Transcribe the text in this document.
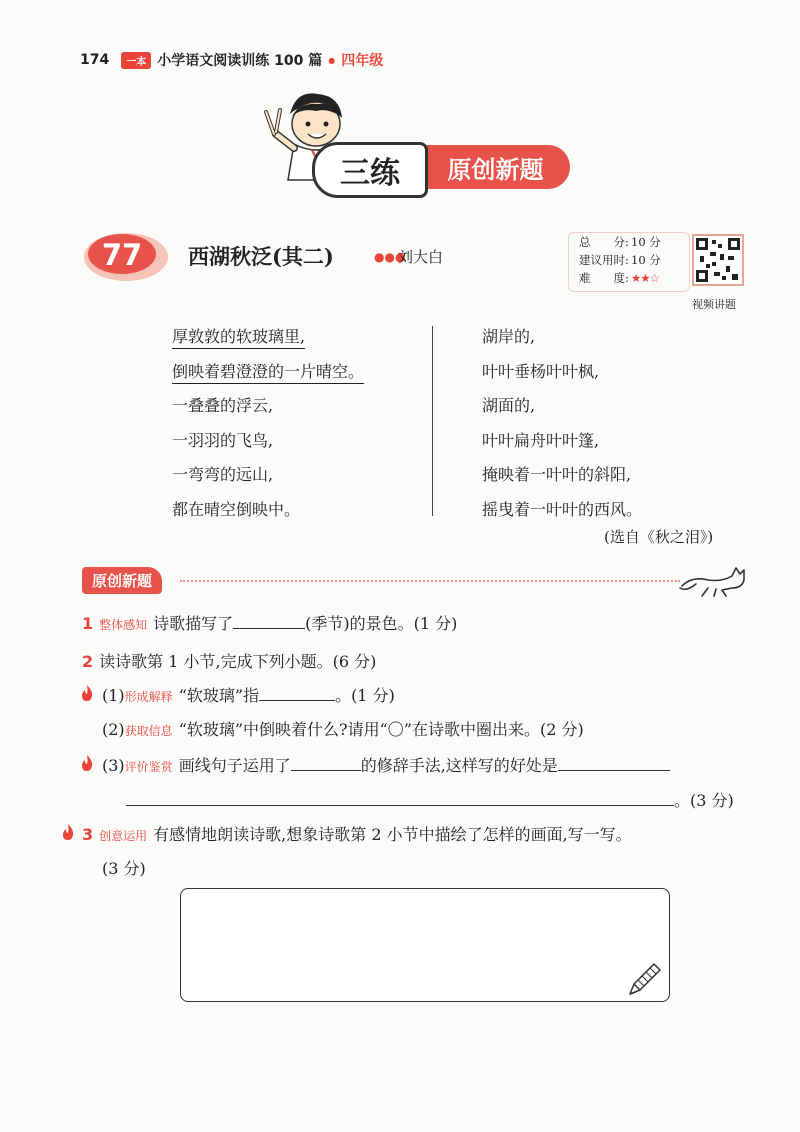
174	一本 小学语文阅读训练 100 篇 ● 四年级
三练	原创新题
77 西湖秋泛(其二)	●●●
刘大白
总　　分: 10 分
建议用时: 10 分
难　　度: ★★☆
视频讲题
厚敦敦的软玻璃里,
倒映着碧澄澄的一片晴空。
一叠叠的浮云,
一羽羽的飞鸟,
一弯弯的远山,
都在晴空倒映中。
湖岸的,
叶叶垂杨叶叶枫,
湖面的,
叶叶扁舟叶叶篷,
掩映着一叶叶的斜阳,
摇曳着一叶叶的西风。
(选自《秋之泪》)
原创新题
1 整体感知 诗歌描写了	(季节)的景色。(1 分)
2 读诗歌第 1 小节,完成下列小题。(6 分)
(1)形成解释 “软玻璃”指	。(1 分)
(2)获取信息 “软玻璃”中倒映着什么?请用“〇”在诗歌中圈出来。(2 分)
(3)评价鉴赏 画线句子运用了	的修辞手法,这样写的好处是
。(3 分)
3 创意运用 有感情地朗读诗歌,想象诗歌第 2 小节中描绘了怎样的画面,写一写。
(3 分)
